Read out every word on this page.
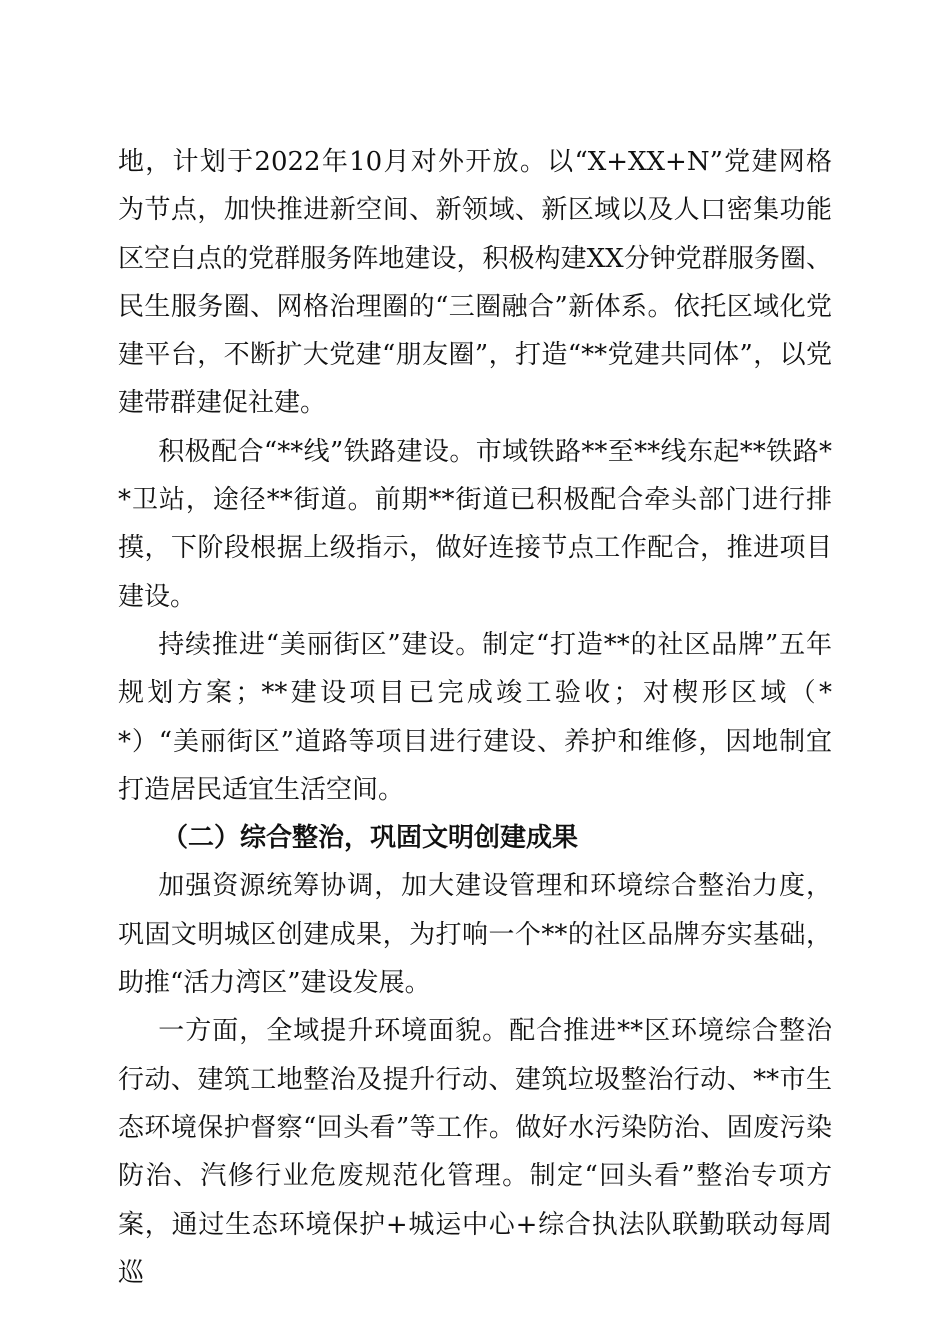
地，计划于2022年10月对外开放。以“X+XX+N”党建网格为节点，加快推进新空间、新领域、新区域以及人口密集功能区空白点的党群服务阵地建设，积极构建XX分钟党群服务圈、民生服务圈、网格治理圈的“三圈融合”新体系。依托区域化党建平台，不断扩大党建“朋友圈”，打造“**党建共同体”，以党建带群建促社建。

积极配合“**线”铁路建设。市域铁路**至**线东起**铁路**卫站，途径**街道。前期**街道已积极配合牵头部门进行排摸，下阶段根据上级指示，做好连接节点工作配合，推进项目建设。

持续推进“美丽街区”建设。制定“打造**的社区品牌”五年规划方案；**建设项目已完成竣工验收；对楔形区域（**）“美丽街区”道路等项目进行建设、养护和维修，因地制宜打造居民适宜生活空间。

（二）综合整治，巩固文明创建成果

加强资源统筹协调，加大建设管理和环境综合整治力度，巩固文明城区创建成果，为打响一个**的社区品牌夯实基础，助推“活力湾区”建设发展。

一方面，全域提升环境面貌。配合推进**区环境综合整治行动、建筑工地整治及提升行动、建筑垃圾整治行动、**市生态环境保护督察“回头看”等工作。做好水污染防治、固废污染防治、汽修行业危废规范化管理。制定“回头看”整治专项方案，通过生态环境保护+城运中心+综合执法队联勤联动每周巡
